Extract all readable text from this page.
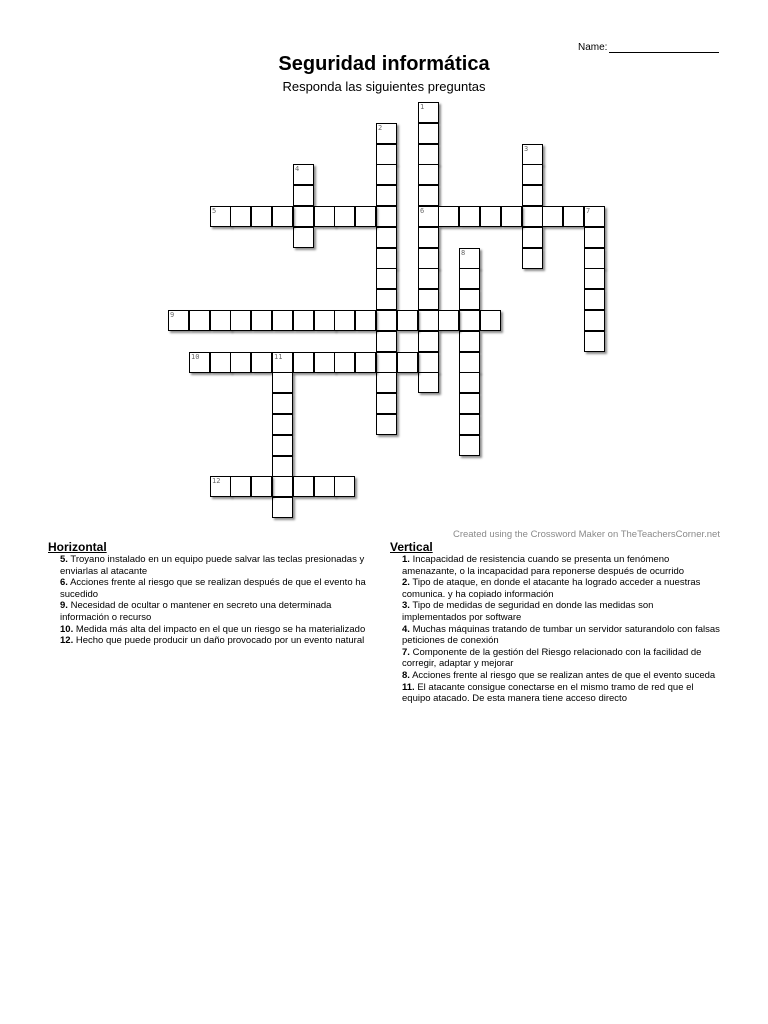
Name:
Seguridad informática
Responda las siguientes preguntas
1
6
2
3
4
5	7
8
9
10	11
12
Created using the Crossword Maker on TheTeachersCorner.net
Horizontal
5. Troyano instalado en un equipo puede salvar las teclas presionadas y enviarlas al atacante
6. Acciones frente al riesgo que se realizan después de que el evento ha sucedido
9. Necesidad de ocultar o mantener en secreto una determinada información o recurso
10. Medida más alta del impacto en el que un riesgo se ha materializado
12. Hecho que puede producir un daño provocado por un evento natural
Vertical
1. Incapacidad de resistencia cuando se presenta un fenómeno amenazante, o la incapacidad para reponerse después de ocurrido
2. Tipo de ataque, en donde el atacante ha logrado acceder a nuestras comunica. y ha copiado información
3. Tipo de medidas de seguridad en donde las medidas son implementados por software
4. Muchas máquinas tratando de tumbar un servidor saturandolo con falsas peticiones de conexión
7. Componente de la gestión del Riesgo relacionado con la facilidad de corregir, adaptar y mejorar
8. Acciones frente al riesgo que se realizan antes de que el evento suceda
11. El atacante consigue conectarse en el mismo tramo de red que el equipo atacado. De esta manera tiene acceso directo
